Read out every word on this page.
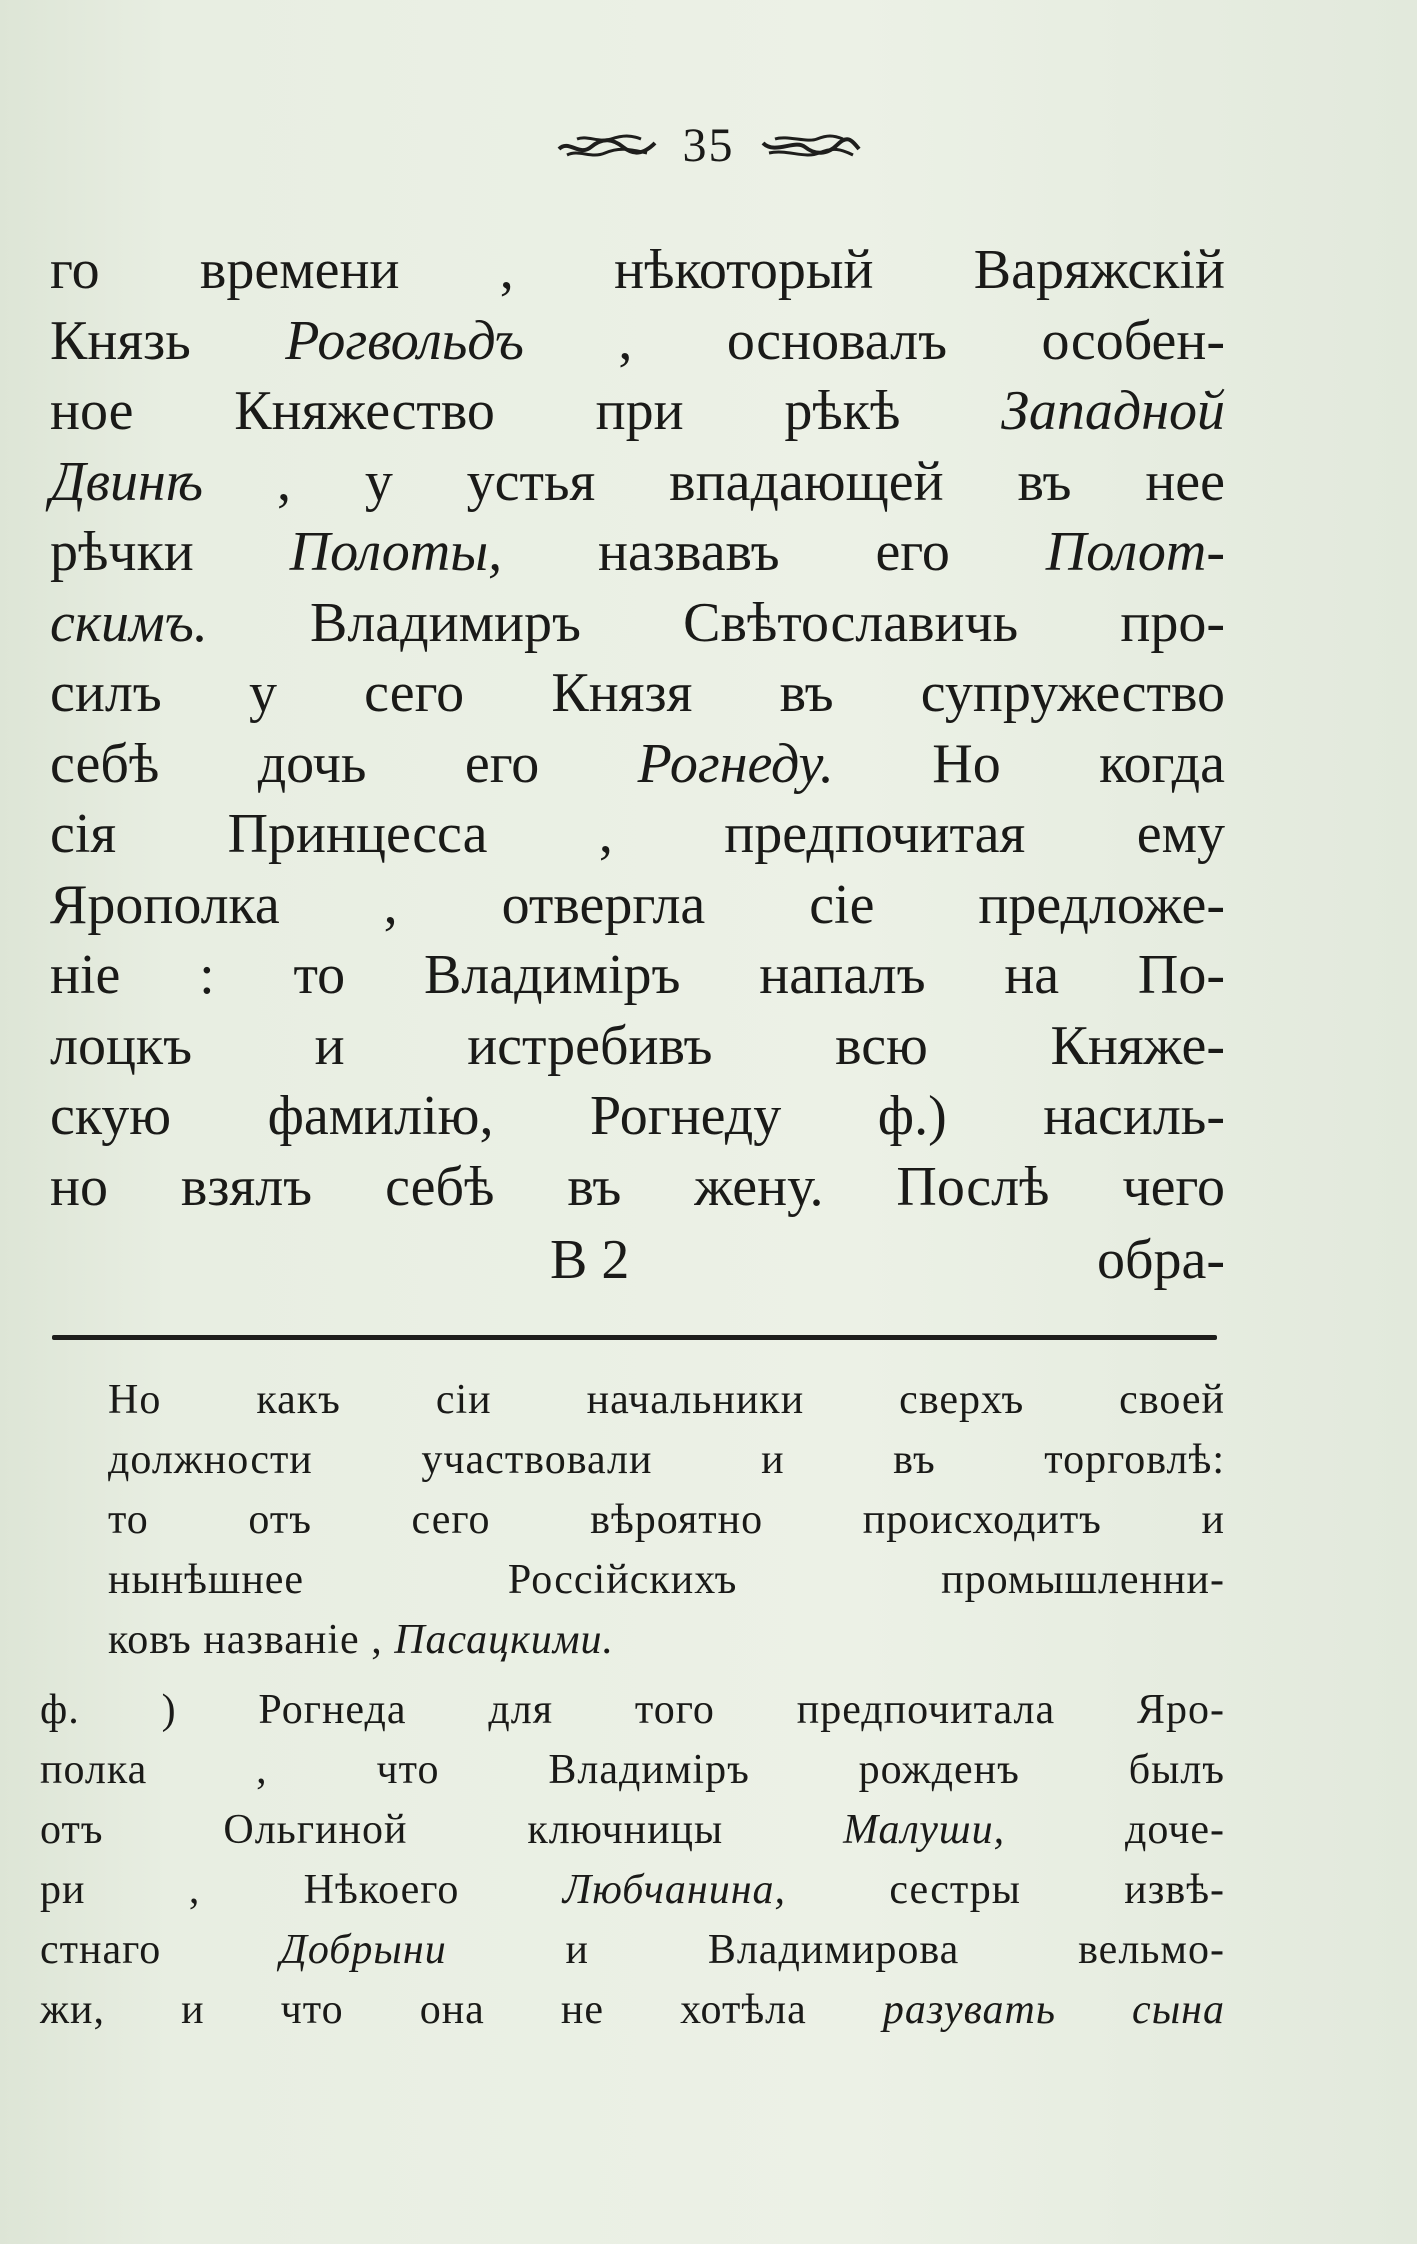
35
го времени , нѣкоторый Варяжскій
Князь Рогвольдъ , основалъ особен-
ное Княжество при рѣкѣ Западной
Двинѣ , у устья впадающей въ нее
рѣчки Полоты, назвавъ его Полот-
скимъ. Владимиръ Свѣтославичь про-
силъ у сего Князя въ супружество
себѣ дочь его Рогнеду. Но когда
сія Принцесса , предпочитая ему
Ярополка , отвергла сіе предложе-
ніе : то Владиміръ напалъ на По-
лоцкъ и истребивъ всю Княже-
скую фамилію, Рогнеду ф.) насиль-
но взялъ себѣ въ жену. Послѣ чего
В 2	обра-
Но какъ сіи начальники сверхъ своей
должности участвовали и въ торговлѣ:
то отъ сего вѣроятно происходитъ и
нынѣшнее Россійскихъ промышленни-
ковъ названіе , Пасацкими.
ф. ) Рогнеда для того предпочитала Яро-
полка , что Владиміръ рожденъ былъ
отъ Ольгиной ключницы Малуши, доче-
ри , Нѣкоего Любчанина, сестры извѣ-
стнаго Добрыни и Владимирова вельмо-
жи, и что она не хотѣла разувать сына
